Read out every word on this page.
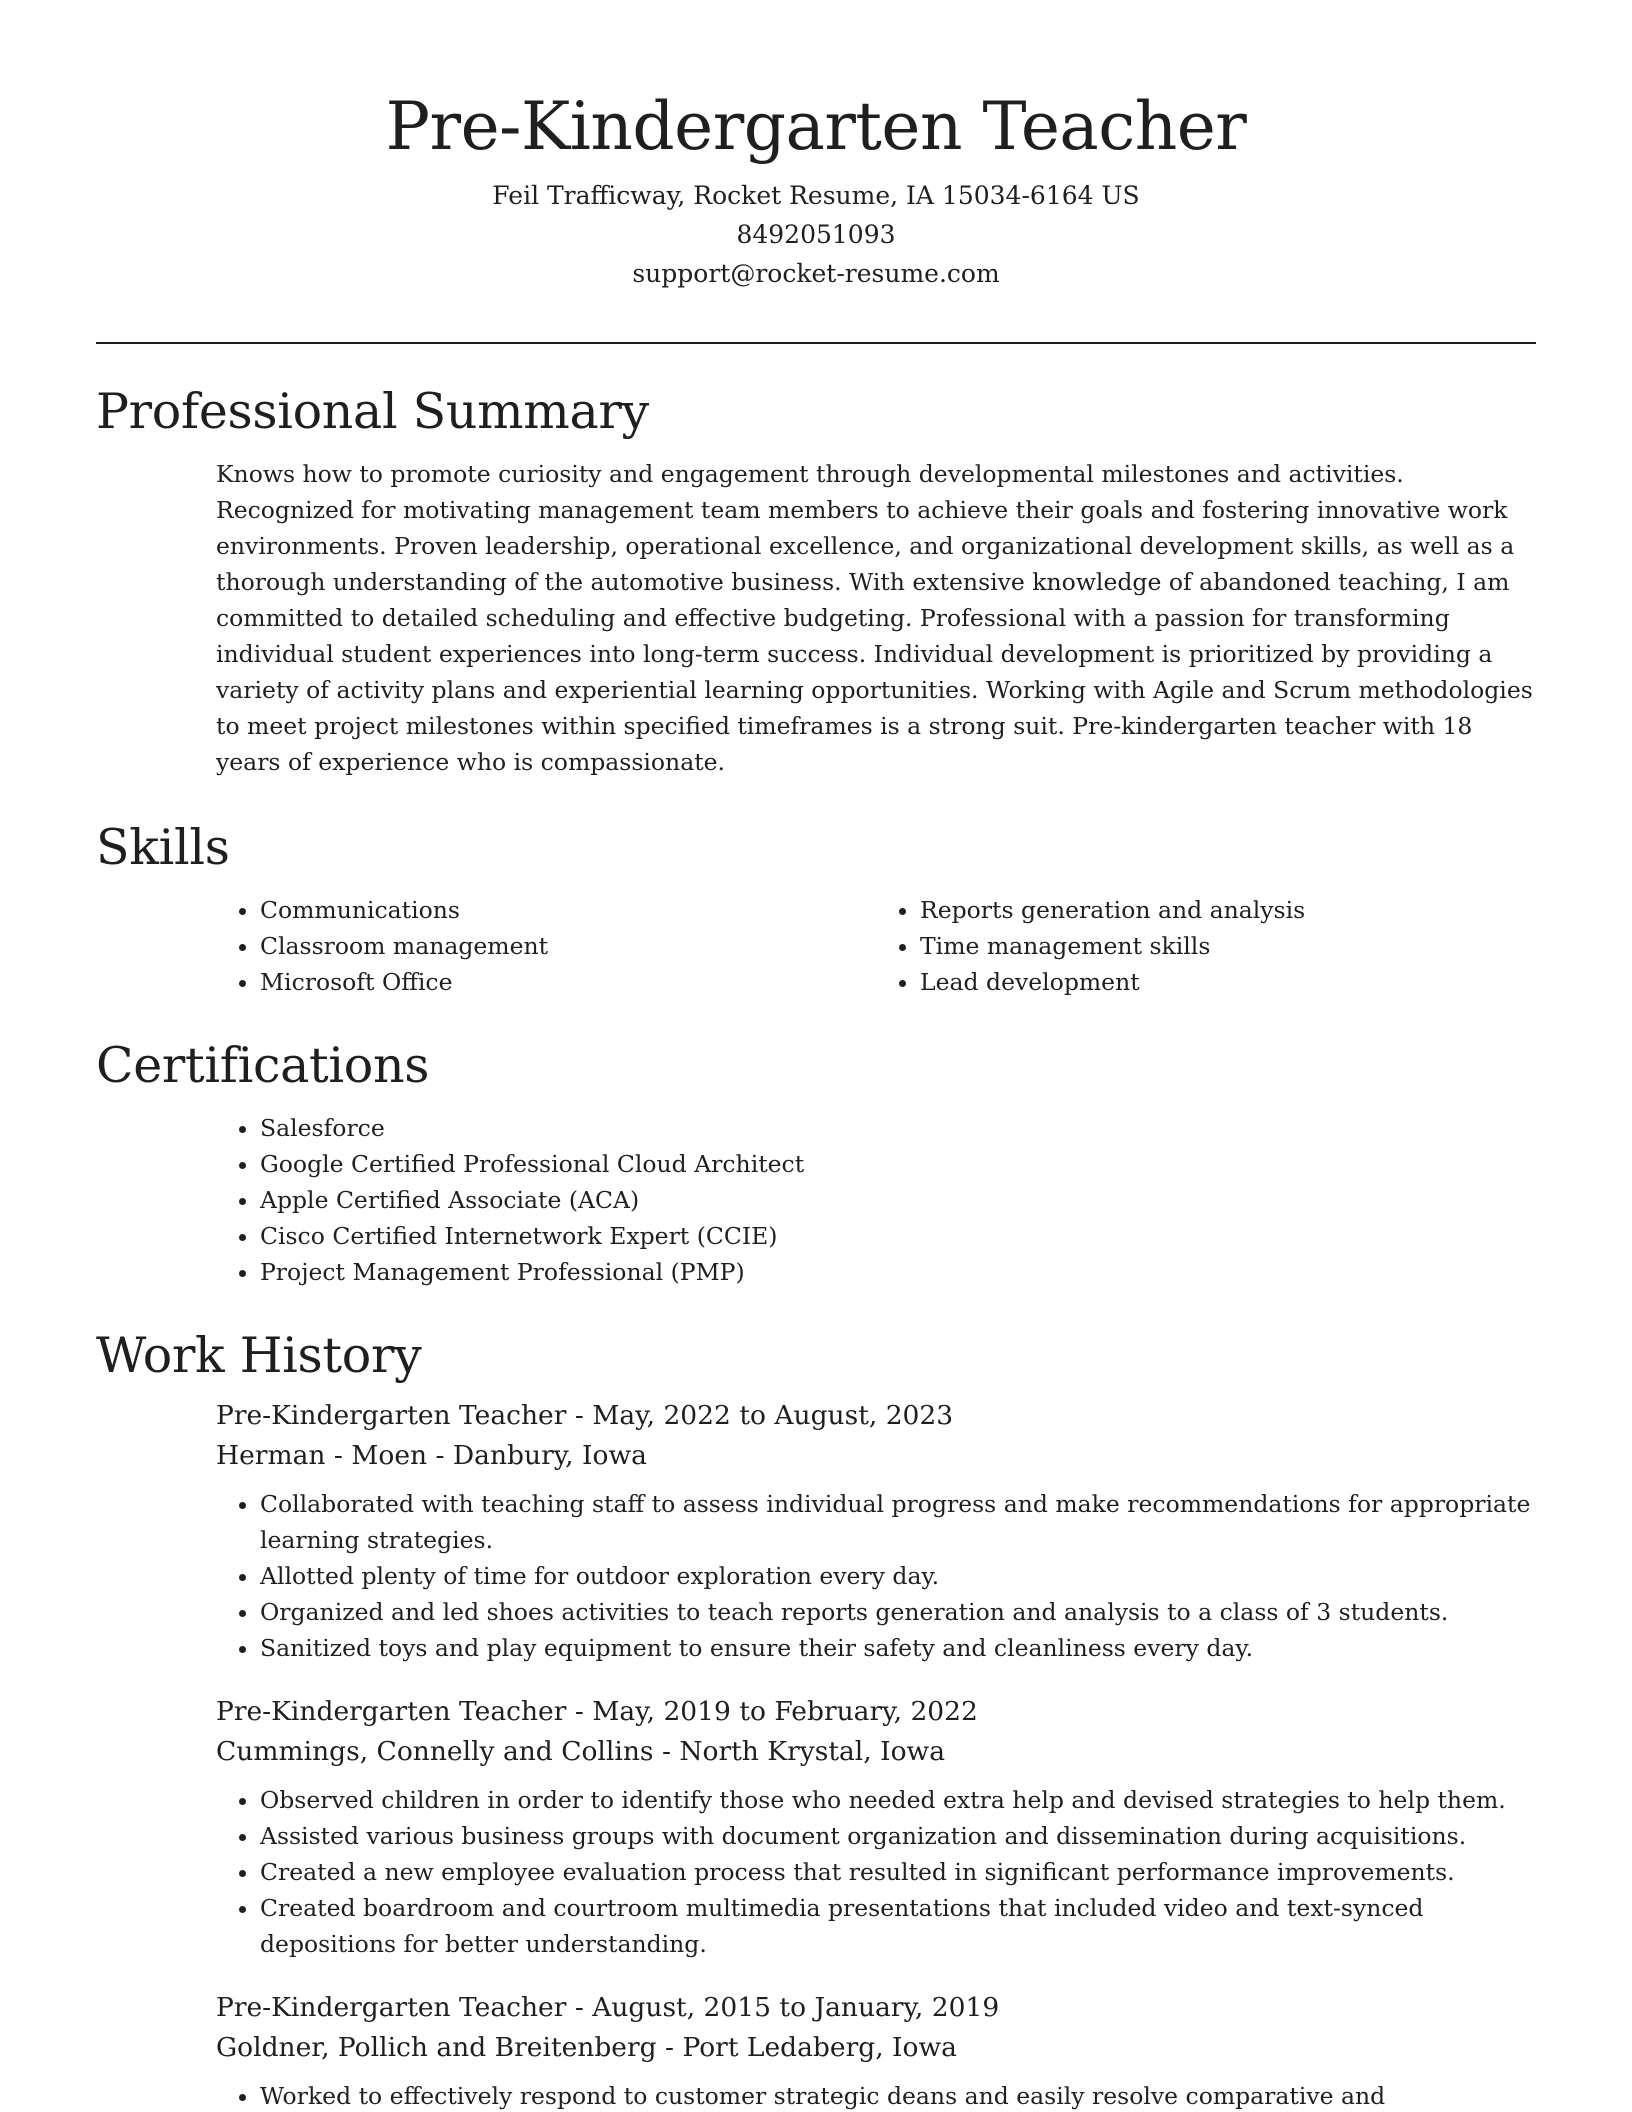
Pre-Kindergarten Teacher

Feil Trafficway, Rocket Resume, IA 15034-6164 US

8492051093

support@rocket-resume.com

Professional Summary

Knows how to promote curiosity and engagement through developmental milestones and activities. Recognized for motivating management team members to achieve their goals and fostering innovative work environments. Proven leadership, operational excellence, and organizational development skills, as well as a thorough understanding of the automotive business. With extensive knowledge of abandoned teaching, I am committed to detailed scheduling and effective budgeting. Professional with a passion for transforming individual student experiences into long-term success. Individual development is prioritized by providing a variety of activity plans and experiential learning opportunities. Working with Agile and Scrum methodologies to meet project milestones within specified timeframes is a strong suit. Pre-kindergarten teacher with 18 years of experience who is compassionate.

Skills
• Communications
• Classroom management
• Microsoft Office
• Reports generation and analysis
• Time management skills
• Lead development
Certifications
• Salesforce
• Google Certified Professional Cloud Architect
• Apple Certified Associate (ACA)
• Cisco Certified Internetwork Expert (CCIE)
• Project Management Professional (PMP)
Work History

Pre-Kindergarten Teacher - May, 2022 to August, 2023

Herman - Moen - Danbury, Iowa

• Collaborated with teaching staff to assess individual progress and make recommendations for appropriate learning strategies.
• Allotted plenty of time for outdoor exploration every day.
• Organized and led shoes activities to teach reports generation and analysis to a class of 3 students.
• Sanitized toys and play equipment to ensure their safety and cleanliness every day.

Pre-Kindergarten Teacher - May, 2019 to February, 2022

Cummings, Connelly and Collins - North Krystal, Iowa

• Observed children in order to identify those who needed extra help and devised strategies to help them.
• Assisted various business groups with document organization and dissemination during acquisitions.
• Created a new employee evaluation process that resulted in significant performance improvements.
• Created boardroom and courtroom multimedia presentations that included video and text-synced depositions for better understanding.

Pre-Kindergarten Teacher - August, 2015 to January, 2019

Goldner, Pollich and Breitenberg - Port Ledaberg, Iowa

• Worked to effectively respond to customer strategic deans and easily resolve comparative and
